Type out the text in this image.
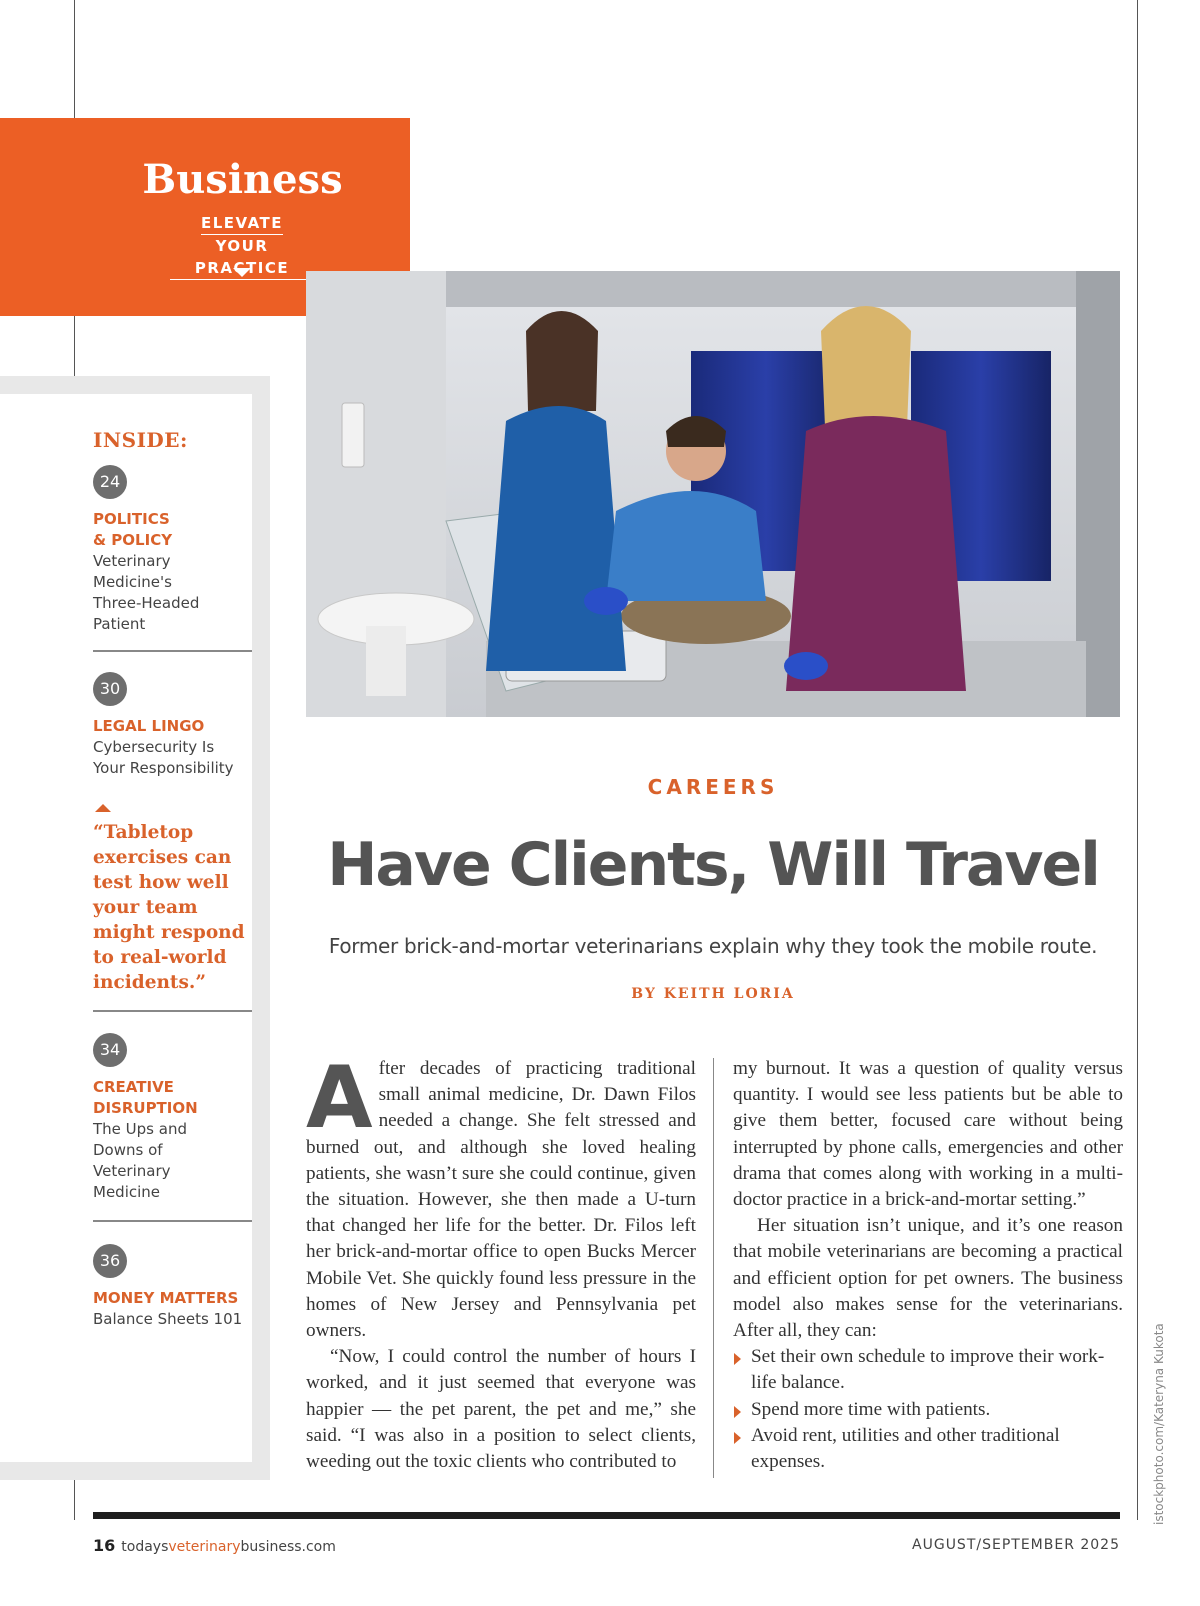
Business
ELEVATE
YOUR PRACTICE
INSIDE:
24
POLITICS
& POLICY
Veterinary
Medicine's
Three-Headed
Patient
30
LEGAL LINGO
Cybersecurity Is
Your Responsibility
“Tabletop exercises can test how well your team might respond to real-world incidents.”
34
CREATIVE
DISRUPTION
The Ups and
Downs of
Veterinary
Medicine
36
MONEY MATTERS
Balance Sheets 101
CAREERS
Have Clients, Will Travel
Former brick-and-mortar veterinarians explain why they took the mobile route.
BY KEITH LORIA

After decades of practicing traditional small animal medicine, Dr. Dawn Filos needed a change. She felt stressed and burned out, and although she loved healing patients, she wasn’t sure she could continue, given the situation. However, she then made a U-turn that changed her life for the better. Dr. Filos left her brick-and-mortar office to open Bucks Mercer Mobile Vet. She quickly found less pressure in the homes of New Jersey and Pennsylvania pet owners.

“Now, I could control the number of hours I worked, and it just seemed that everyone was happier — the pet parent, the pet and me,” she said. “I was also in a position to select clients, weeding out the toxic clients who contributed to

my burnout. It was a question of quality versus quantity. I would see less patients but be able to give them better, focused care without being interrupted by phone calls, emergencies and other drama that comes along with working in a multi-doctor practice in a brick-and-mortar setting.”

Her situation isn’t unique, and it’s one reason that mobile veterinarians are becoming a practical and efficient option for pet owners. The business model also makes sense for the veterinarians. After all, they can:

Set their own schedule to improve their work-life balance.
Spend more time with patients.
Avoid rent, utilities and other traditional expenses.	istockphoto.com/Kateryna Kukota
16 todaysveterinarybusiness.com	AUGUST/SEPTEMBER 2025
